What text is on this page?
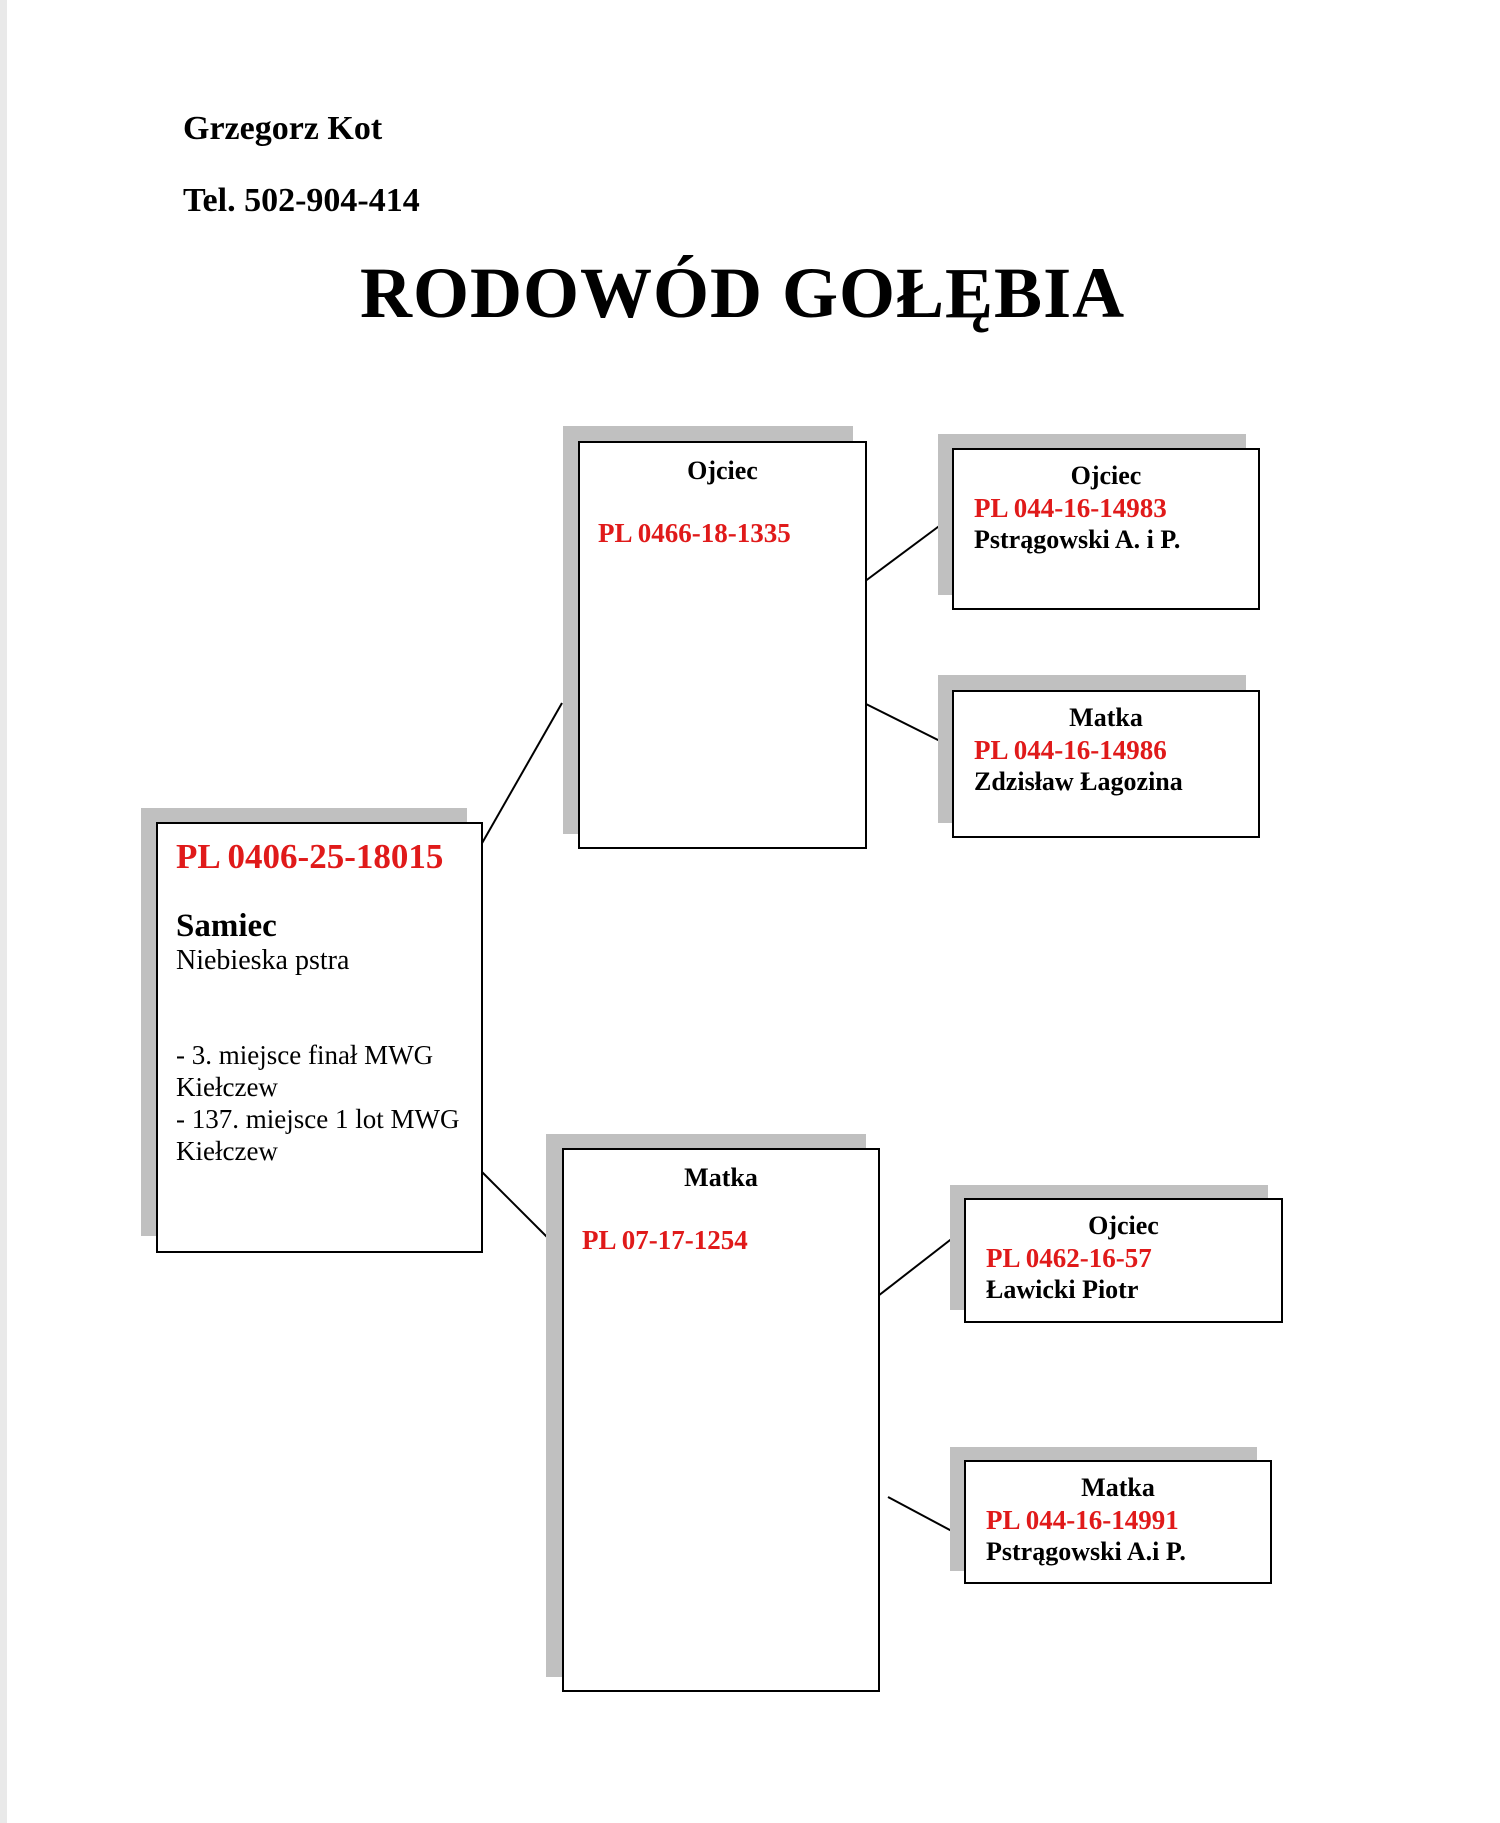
Grzegorz Kot
Tel. 502-904-414
RODOWÓD GOŁĘBIA
PL 0406-25-18015
Samiec
Niebieska pstra
- 3. miejsce finał MWG Kiełczew
- 137. miejsce 1 lot MWG Kiełczew
Ojciec
PL 0466-18-1335
Matka
PL 07-17-1254
Ojciec
PL 044-16-14983
Pstrągowski A. i P.
Matka
PL 044-16-14986
Zdzisław Łagozina
Ojciec
PL 0462-16-57
Ławicki Piotr
Matka
PL 044-16-14991
Pstrągowski A.i P.
